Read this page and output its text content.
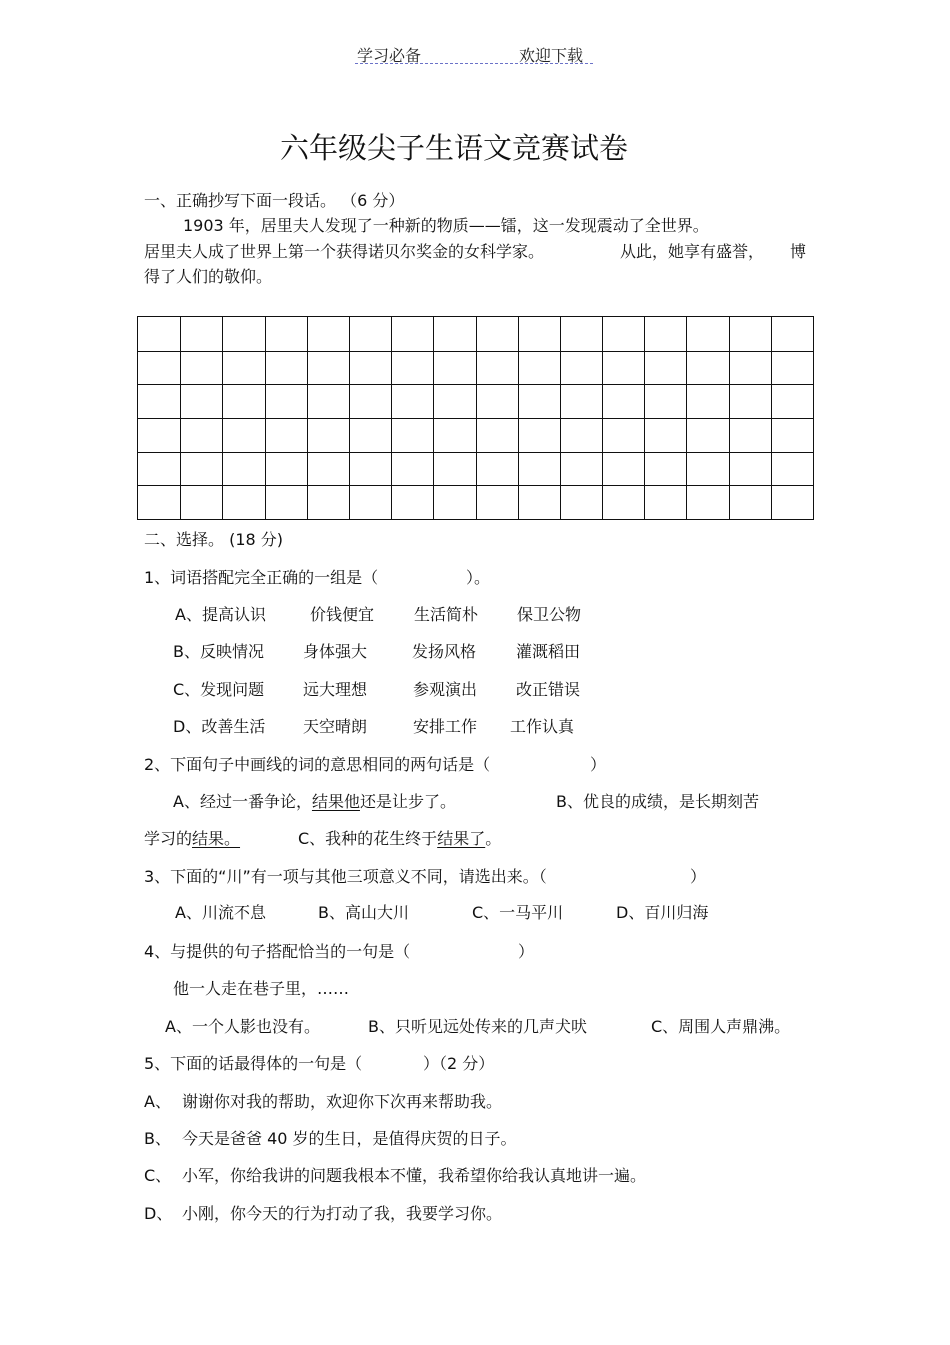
学习必备	欢迎下载
六年级尖子生语文竞赛试卷
一、正确抄写下面一段话。 （6 分）
1903 年，居里夫人发现了一种新的物质——镭，这一发现震动了全世界。
居里夫人成了世界上第一个获得诺贝尔奖金的女科学家。	从此，她享有盛誉， 博
得了人们的敬仰。
二、选择。 (18 分)
1、词语搭配完全正确的一组是（	）。
A、提高认识	价钱便宜 生活简朴 保卫公物
B、反映情况 身体强大	发扬风格 灌溉稻田
C、发现问题 远大理想	参观演出 改正错误
D、改善生活 天空晴朗	安排工作 工作认真
2、下面句子中画线的词的意思相同的两句话是（	）
A、经过一番争论，结果他还是让步了。	B、优良的成绩，是长期刻苦
学习的结果。	C、我种的花生终于结果了。
3、下面的“川”有一项与其他三项意义不同，请选出来。（	）
A、川流不息	B、高山大川	C、一马平川	D、百川归海
4、与提供的句子搭配恰当的一句是（	）
他一人走在巷子里，……
A、一个人影也没有。	B、只听见远处传来的几声犬吠	C、周围人声鼎沸。
5、下面的话最得体的一句是（	）（2 分）
A、 谢谢你对我的帮助，欢迎你下次再来帮助我。
B、 今天是爸爸 40 岁的生日，是值得庆贺的日子。
C、 小军，你给我讲的问题我根本不懂，我希望你给我认真地讲一遍。
D、 小刚，你今天的行为打动了我，我要学习你。
